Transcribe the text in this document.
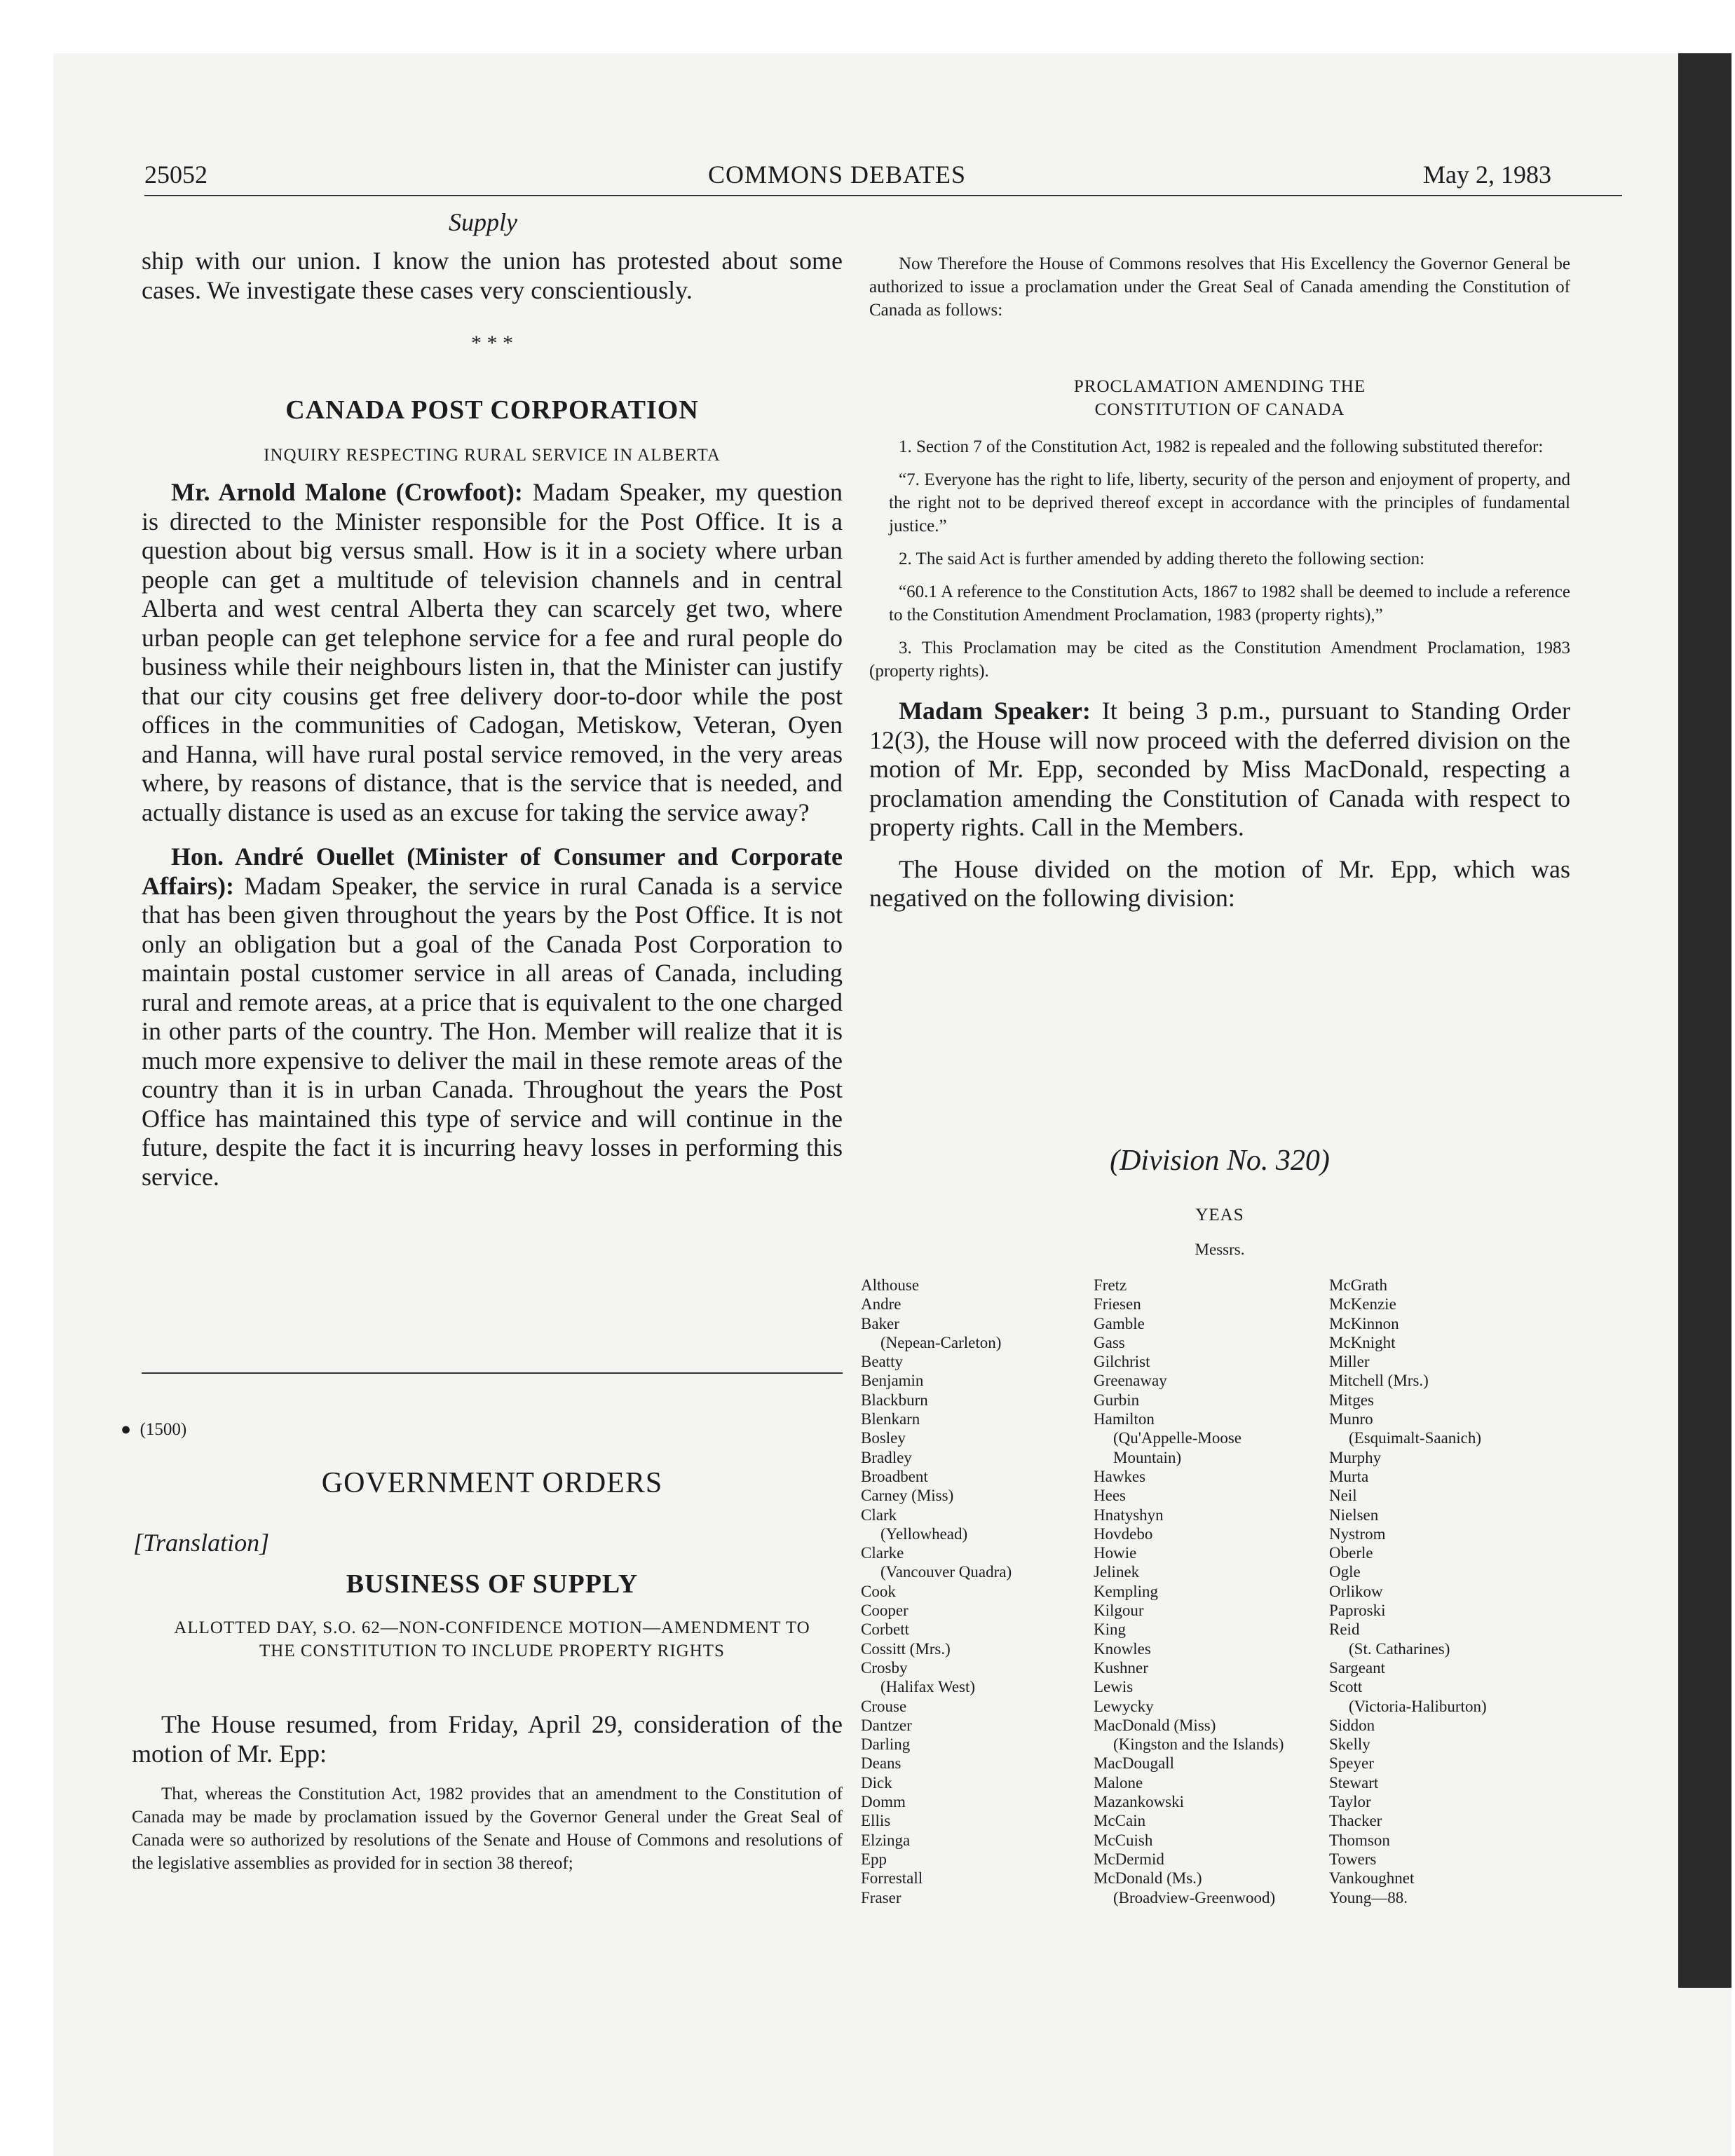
25052	COMMONS DEBATES	May 2, 1983
Supply

ship with our union. I know the union has protested about some cases. We investigate these cases very conscientiously.

* * *
CANADA POST CORPORATION
INQUIRY RESPECTING RURAL SERVICE IN ALBERTA

Mr. Arnold Malone (Crowfoot): Madam Speaker, my question is directed to the Minister responsible for the Post Office. It is a question about big versus small. How is it in a society where urban people can get a multitude of television channels and in central Alberta and west central Alberta they can scarcely get two, where urban people can get telephone service for a fee and rural people do business while their neighbours listen in, that the Minister can justify that our city cousins get free delivery door-to-door while the post offices in the communities of Cadogan, Metiskow, Veteran, Oyen and Hanna, will have rural postal service removed, in the very areas where, by reasons of distance, that is the service that is needed, and actually distance is used as an excuse for taking the service away?

Hon. André Ouellet (Minister of Consumer and Corporate Affairs): Madam Speaker, the service in rural Canada is a service that has been given throughout the years by the Post Office. It is not only an obligation but a goal of the Canada Post Corporation to maintain postal customer service in all areas of Canada, including rural and remote areas, at a price that is equivalent to the one charged in other parts of the country. The Hon. Member will realize that it is much more expensive to deliver the mail in these remote areas of the country than it is in urban Canada. Throughout the years the Post Office has maintained this type of service and will continue in the future, despite the fact it is incurring heavy losses in performing this service.

● (1500)
GOVERNMENT ORDERS
[Translation]
BUSINESS OF SUPPLY
ALLOTTED DAY, S.O. 62—NON-CONFIDENCE MOTION—AMENDMENT TO THE CONSTITUTION TO INCLUDE PROPERTY RIGHTS

The House resumed, from Friday, April 29, consideration of the motion of Mr. Epp:

That, whereas the Constitution Act, 1982 provides that an amendment to the Constitution of Canada may be made by proclamation issued by the Governor General under the Great Seal of Canada were so authorized by resolutions of the Senate and House of Commons and resolutions of the legislative assemblies as provided for in section 38 thereof;

Now Therefore the House of Commons resolves that His Excellency the Governor General be authorized to issue a proclamation under the Great Seal of Canada amending the Constitution of Canada as follows:

PROCLAMATION AMENDING THE
CONSTITUTION OF CANADA

1. Section 7 of the Constitution Act, 1982 is repealed and the following substituted therefor:

“7. Everyone has the right to life, liberty, security of the person and enjoyment of property, and the right not to be deprived thereof except in accordance with the principles of fundamental justice.”

2. The said Act is further amended by adding thereto the following section:

“60.1 A reference to the Constitution Acts, 1867 to 1982 shall be deemed to include a reference to the Constitution Amendment Proclamation, 1983 (property rights),”

3. This Proclamation may be cited as the Constitution Amendment Proclamation, 1983 (property rights).

Madam Speaker: It being 3 p.m., pursuant to Standing Order 12(3), the House will now proceed with the deferred division on the motion of Mr. Epp, seconded by Miss MacDonald, respecting a proclamation amending the Constitution of Canada with respect to property rights. Call in the Members.

The House divided on the motion of Mr. Epp, which was negatived on the following division:

(Division No. 320)
YEAS
Messrs.
Althouse
Andre
Baker
(Nepean-Carleton)
Beatty
Benjamin
Blackburn
Blenkarn
Bosley
Bradley
Broadbent
Carney (Miss)
Clark
(Yellowhead)
Clarke
(Vancouver Quadra)
Cook
Cooper
Corbett
Cossitt (Mrs.)
Crosby
(Halifax West)
Crouse
Dantzer
Darling
Deans
Dick
Domm
Ellis
Elzinga
Epp
Forrestall
Fraser
Fretz
Friesen
Gamble
Gass
Gilchrist
Greenaway
Gurbin
Hamilton
(Qu'Appelle-Moose
Mountain)
Hawkes
Hees
Hnatyshyn
Hovdebo
Howie
Jelinek
Kempling
Kilgour
King
Knowles
Kushner
Lewis
Lewycky
MacDonald (Miss)
(Kingston and the Islands)
MacDougall
Malone
Mazankowski
McCain
McCuish
McDermid
McDonald (Ms.)
(Broadview-Greenwood)
McGrath
McKenzie
McKinnon
McKnight
Miller
Mitchell (Mrs.)
Mitges
Munro
(Esquimalt-Saanich)
Murphy
Murta
Neil
Nielsen
Nystrom
Oberle
Ogle
Orlikow
Paproski
Reid
(St. Catharines)
Sargeant
Scott
(Victoria-Haliburton)
Siddon
Skelly
Speyer
Stewart
Taylor
Thacker
Thomson
Towers
Vankoughnet
Young—88.
